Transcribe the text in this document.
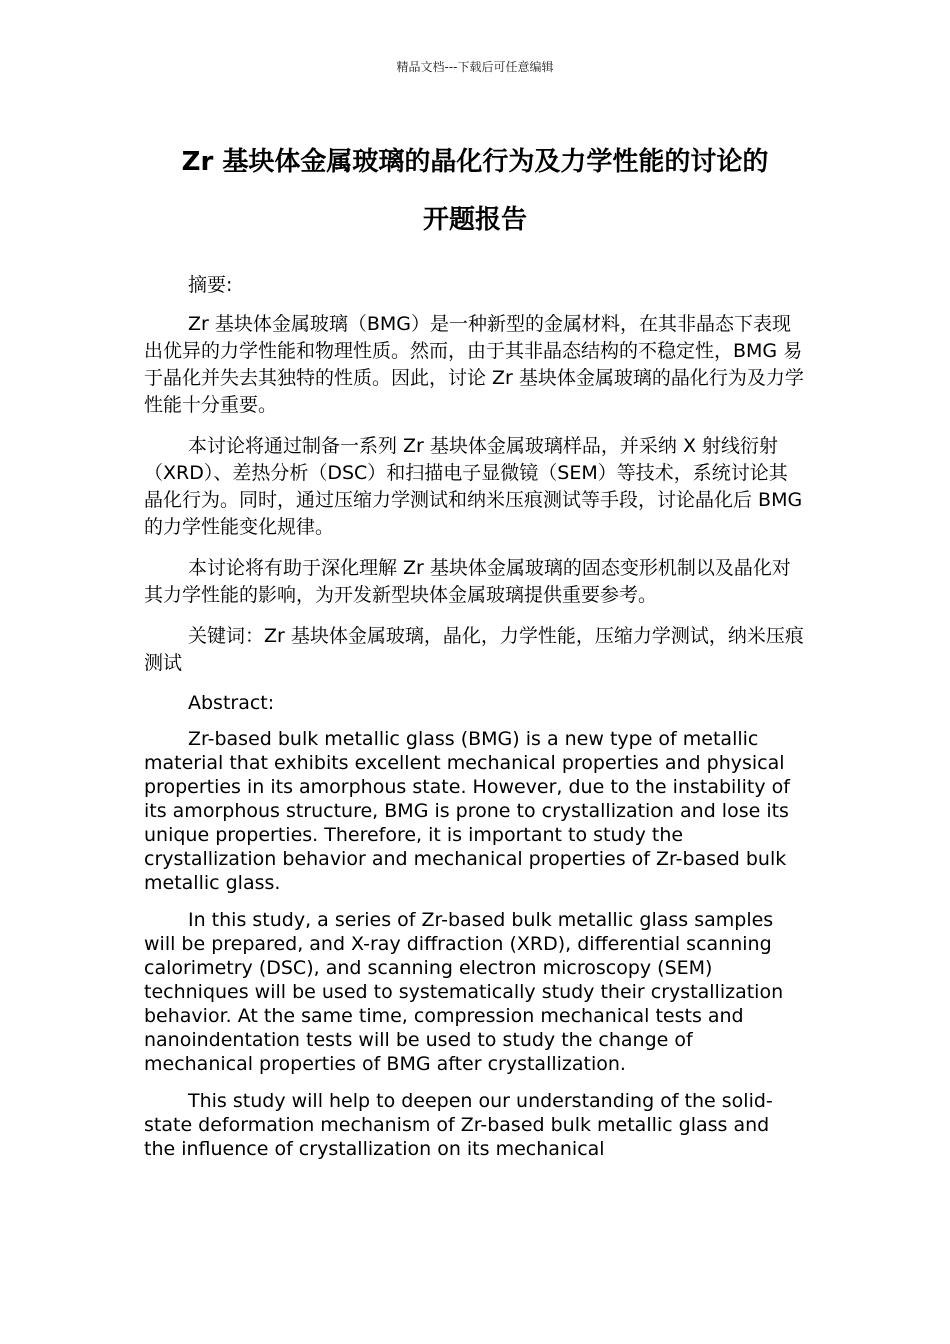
精品文档---下载后可任意编辑
Zr 基块体金属玻璃的晶化行为及力学性能的讨论的
开题报告

摘要:

Zr 基块体金属玻璃（BMG）是一种新型的金属材料，在其非晶态下表现出优异的力学性能和物理性质。然而，由于其非晶态结构的不稳定性，BMG 易于晶化并失去其独特的性质。因此，讨论 Zr 基块体金属玻璃的晶化行为及力学性能十分重要。

本讨论将通过制备一系列 Zr 基块体金属玻璃样品，并采纳 X 射线衍射（XRD）、差热分析（DSC）和扫描电子显微镜（SEM）等技术，系统讨论其晶化行为。同时，通过压缩力学测试和纳米压痕测试等手段，讨论晶化后 BMG 的力学性能变化规律。

本讨论将有助于深化理解 Zr 基块体金属玻璃的固态变形机制以及晶化对其力学性能的影响，为开发新型块体金属玻璃提供重要参考。

关键词：Zr 基块体金属玻璃，晶化，力学性能，压缩力学测试，纳米压痕测试

Abstract:

Zr-based bulk metallic glass (BMG) is a new type of metallic material that exhibits excellent mechanical properties and physical properties in its amorphous state. However, due to the instability of its amorphous structure, BMG is prone to crystallization and lose its unique properties. Therefore, it is important to study the crystallization behavior and mechanical properties of Zr-based bulk metallic glass.

In this study, a series of Zr-based bulk metallic glass samples will be prepared, and X-ray diffraction (XRD), differential scanning calorimetry (DSC), and scanning electron microscopy (SEM) techniques will be used to systematically study their crystallization behavior. At the same time, compression mechanical tests and nanoindentation tests will be used to study the change of mechanical properties of BMG after crystallization.

This study will help to deepen our understanding of the solid-state deformation mechanism of Zr-based bulk metallic glass and the influence of crystallization on its mechanical
